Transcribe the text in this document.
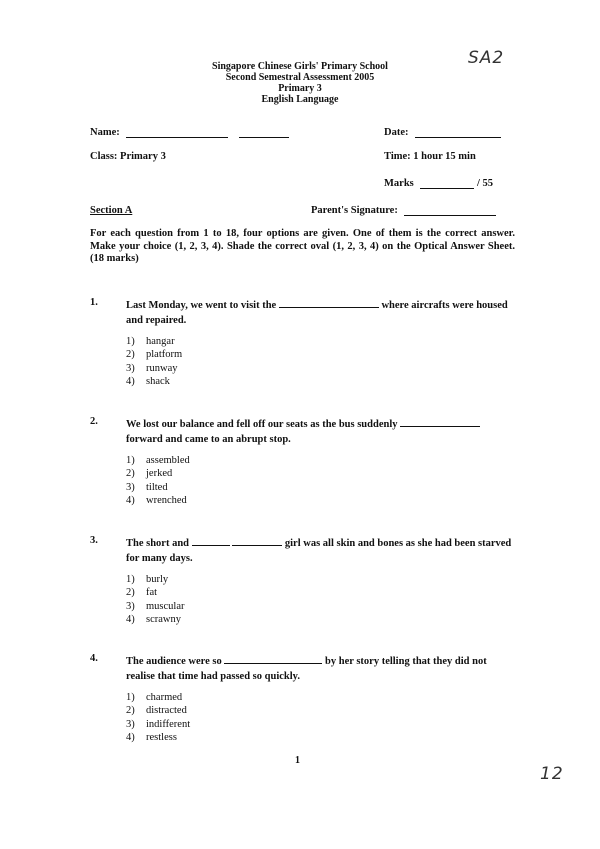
SA2
Singapore Chinese Girls' Primary School
Second Semestral Assessment 2005
Primary 3
English Language
Name:	Date:
Class: Primary 3	Time: 1 hour 15 min
Marks	/ 55
Section A	Parent's Signature:
For each question from 1 to 18, four options are given. One of them is the correct answer. Make your choice (1, 2, 3, 4). Shade the correct oval (1, 2, 3, 4) on the Optical Answer Sheet. (18 marks)
1.	Last Monday, we went to visit the	where aircrafts were housed and repaired.
1) hangar
2) platform
3) runway
4) shack
2.	We lost our balance and fell off our seats as the bus suddenly  forward and came to an abrupt stop.
1) assembled
2) jerked
3) tilted
4) wrenched
3.	The short and	girl was all skin and bones as she had been starved for many days.
1) burly
2) fat
3) muscular
4) scrawny
4.	The audience were so	by her story telling that they did not realise that time had passed so quickly.
1) charmed
2) distracted
3) indifferent
4) restless
1
12
